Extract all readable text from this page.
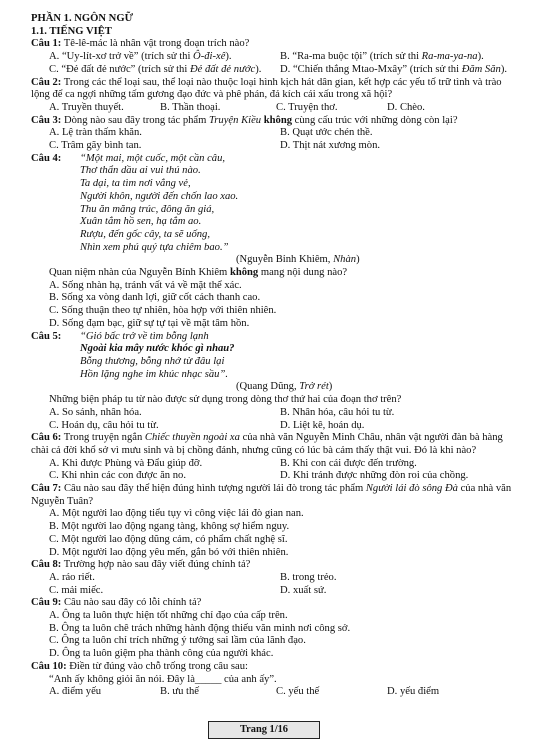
PHẦN 1. NGÔN NGỮ
1.1. TIẾNG VIỆT
Câu 1: Tê-lê-mác là nhân vật trong đoạn trích nào?
A. “Uy-lít-xơ trở về” (trích sử thi Ô-đi-xê).	B. “Ra-ma buộc tội” (trích sử thi Ra-ma-ya-na).
C. “Đẻ đất đẻ nước” (trích sử thi Đẻ đất đẻ nước).	D. “Chiến thắng Mtao-Mxây” (trích sử thi Đăm Săn).
Câu 2: Trong các thể loại sau, thể loại nào thuộc loại hình kịch hát dân gian, kết hợp các yếu tố trữ tình và trào lộng để ca ngợi những tấm gương đạo đức và phê phán, đả kích cái xấu trong xã hội?
A. Truyền thuyết.	B. Thần thoại.	C. Truyện thơ.	D. Chèo.
Câu 3: Dòng nào sau đây trong tác phẩm Truyện Kiều không cùng cấu trúc với những dòng còn lại?
A. Lệ tràn thấm khăn.	B. Quạt ước chén thề.
C. Trâm gãy bình tan.	D. Thịt nát xương mòn.
Câu 4:	“Một mai, một cuốc, một cần câu,
Thơ thẩn dầu ai vui thú nào.
Ta dại, ta tìm nơi vắng vẻ,
Người khôn, người đến chốn lao xao.
Thu ăn măng trúc, đông ăn giá,
Xuân tắm hồ sen, hạ tắm ao.
Rượu, đến gốc cây, ta sẽ uống,
Nhìn xem phú quý tựa chiêm bao.”
(Nguyễn Bỉnh Khiêm, Nhàn)
Quan niệm nhàn của Nguyễn Bỉnh Khiêm không mang nội dung nào?
A. Sống nhàn hạ, tránh vất vả về mặt thể xác.
B. Sống xa vòng danh lợi, giữ cốt cách thanh cao.
C. Sống thuận theo tự nhiên, hòa hợp với thiên nhiên.
D. Sống đạm bạc, giữ sự tự tại về mặt tâm hồn.
Câu 5:	“Gió bấc trở về tìm bỗng lạnh
Ngoài kia mây nước khóc gì nhau?
Bỗng thương, bỗng nhớ từ đâu lại
Hồn lặng nghe im khúc nhạc sầu”.
(Quang Dũng, Trở rét)
Những biện pháp tu từ nào được sử dụng trong dòng thơ thứ hai của đoạn thơ trên?
A. So sánh, nhân hóa.	B. Nhân hóa, câu hỏi tu từ.
C. Hoán dụ, câu hỏi tu từ.	D. Liệt kê, hoán dụ.
Câu 6: Trong truyện ngắn Chiếc thuyền ngoài xa của nhà văn Nguyễn Minh Châu, nhân vật người đàn bà hàng chài cả đời khổ sở vì mưu sinh và bị chồng đánh, nhưng cũng có lúc bà cảm thấy thật vui. Đó là khi nào?
A. Khi được Phùng và Đẩu giúp đỡ.	B. Khi con cái được đến trường.
C. Khi nhìn các con được ăn no.	D. Khi tránh được những đòn roi của chồng.
Câu 7: Câu nào sau đây thể hiện đúng hình tượng người lái đò trong tác phẩm Người lái đò sông Đà của nhà văn Nguyễn Tuân?
A. Một người lao động tiểu tụy vì công việc lái đò gian nan.
B. Một người lao động ngang tàng, không sợ hiểm nguy.
C. Một người lao động dũng cảm, có phẩm chất nghệ sĩ.
D. Một người lao động yêu mến, gắn bó với thiên nhiên.
Câu 8: Trường hợp nào sau đây viết đúng chính tả?
A. ráo riết.	B. trong trẻo.
C. mải miếc.	D. xuất sứ.
Câu 9: Câu nào sau đây có lỗi chính tả?
A. Ông ta luôn thực hiện tốt những chỉ đạo của cấp trên.
B. Ông ta luôn chê trách những hành động thiếu văn minh nơi công sở.
C. Ông ta luôn chỉ trích những ý tưởng sai lầm của lãnh đạo.
D. Ông ta luôn giệm pha thành công của người khác.
Câu 10: Điền từ đúng vào chỗ trống trong câu sau:
“Anh ấy không giỏi ăn nói. Đây là_____ của anh ấy”.
A. điểm yếu	B. ưu thế	C. yếu thế	D. yếu điểm
Trang 1/16
